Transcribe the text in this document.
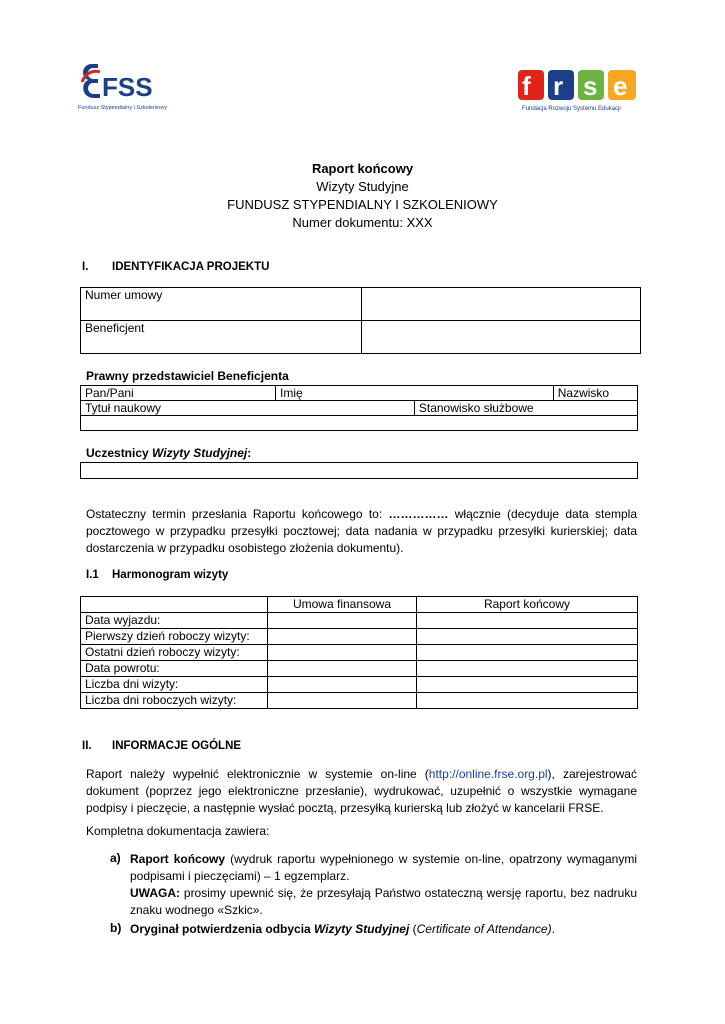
FSS
Fundusz Stypendialny i Szkoleniowy
f r s e
Fundacja Rozwoju Systemu Edukacji
Raport końcowy
Wizyty Studyjne
FUNDUSZ STYPENDIALNY I SZKOLENIOWY
Numer dokumentu: XXX
I. IDENTYFIKACJA PROJEKTU
Numer umowy	
Beneficjent	
Prawny przedstawiciel Beneficjenta
Pan/Pani	Imię		Nazwisko
Tytuł naukowy		Stanowisko służbowe	

Uczestnicy Wizyty Studyjnej:
Ostateczny termin przesłania Raportu końcowego to: …………… włącznie (decyduje data stempla pocztowego w przypadku przesyłki pocztowej; data nadania w przypadku przesyłki kurierskiej; data dostarczenia w przypadku osobistego złożenia dokumentu).
I.1 Harmonogram wizyty
	Umowa finansowa	Raport końcowy
Data wyjazdu:		
Pierwszy dzień roboczy wizyty:		
Ostatni dzień roboczy wizyty:		
Data powrotu:		
Liczba dni wizyty:		
Liczba dni roboczych wizyty:		
II. INFORMACJE OGÓLNE
Raport należy wypełnić elektronicznie w systemie on-line (http://online.frse.org.pl), zarejestrować dokument (poprzez jego elektroniczne przesłanie), wydrukować, uzupełnić o wszystkie wymagane podpisy i pieczęcie, a następnie wysłać pocztą, przesyłką kurierską lub złożyć w kancelarii FRSE.
Kompletna dokumentacja zawiera:
a) Raport końcowy (wydruk raportu wypełnionego w systemie on-line, opatrzony wymaganymi podpisami i pieczęciami) – 1 egzemplarz.
UWAGA: prosimy upewnić się, że przesyłają Państwo ostateczną wersję raportu, bez nadruku znaku wodnego «Szkic».
b) Oryginał potwierdzenia odbycia Wizyty Studyjnej (Certificate of Attendance).
